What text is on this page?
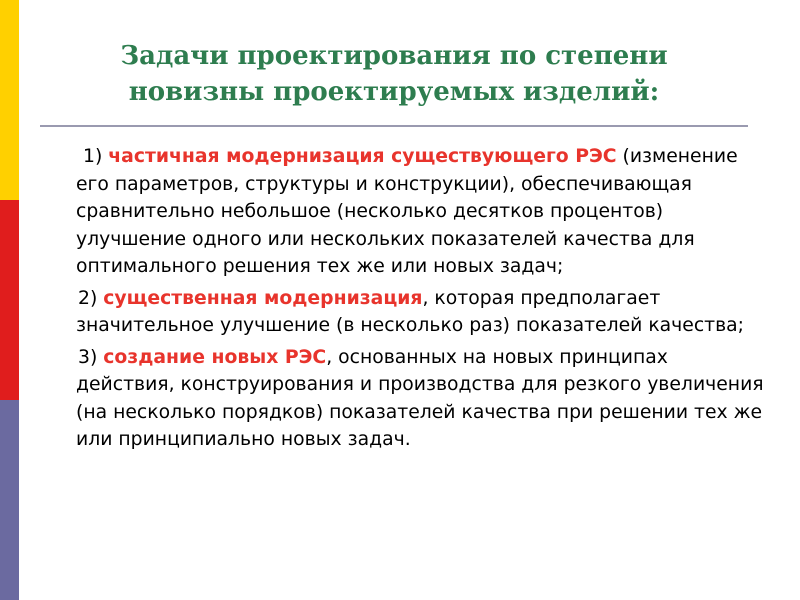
Задачи проектирования по степени
новизны проектируемых изделий:

1) частичная модернизация существующего РЭС (изменение его параметров, структуры и конструкции), обеспечивающая сравнительно небольшое (несколько десятков процентов) улучшение одного или нескольких показателей качества для оптимального решения тех же или новых задач;

2) существенная модернизация, которая предполагает значительное улучшение (в несколько раз) показателей качества;

3) создание новых РЭС, основанных на новых принципах действия, конструирования и производства для резкого увеличения (на несколько порядков) показателей качества при решении тех же или принципиально новых задач.
